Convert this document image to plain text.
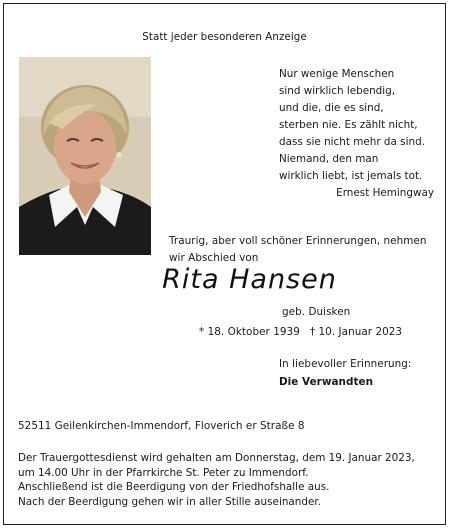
Statt jeder besonderen Anzeige
Nur wenige Menschen
sind wirklich lebendig,
und die, die es sind,
sterben nie. Es zählt nicht,
dass sie nicht mehr da sind.
Niemand, den man
wirklich liebt, ist jemals tot.
Ernest Hemingway
Traurig, aber voll schöner Erinnerungen, nehmen
wir Abschied von
Rita Hansen
geb. Duisken
* 18. Oktober 1939   † 10. Januar 2023
In liebevoller Erinnerung:
Die Verwandten
52511 Geilenkirchen-Immendorf, Floverich er Straße 8
Der Trauergottesdienst wird gehalten am Donnerstag, dem 19. Januar 2023,
um 14.00 Uhr in der Pfarrkirche St. Peter zu Immendorf.
Anschließend ist die Beerdigung von der Friedhofshalle aus.
Nach der Beerdigung gehen wir in aller Stille auseinander.
